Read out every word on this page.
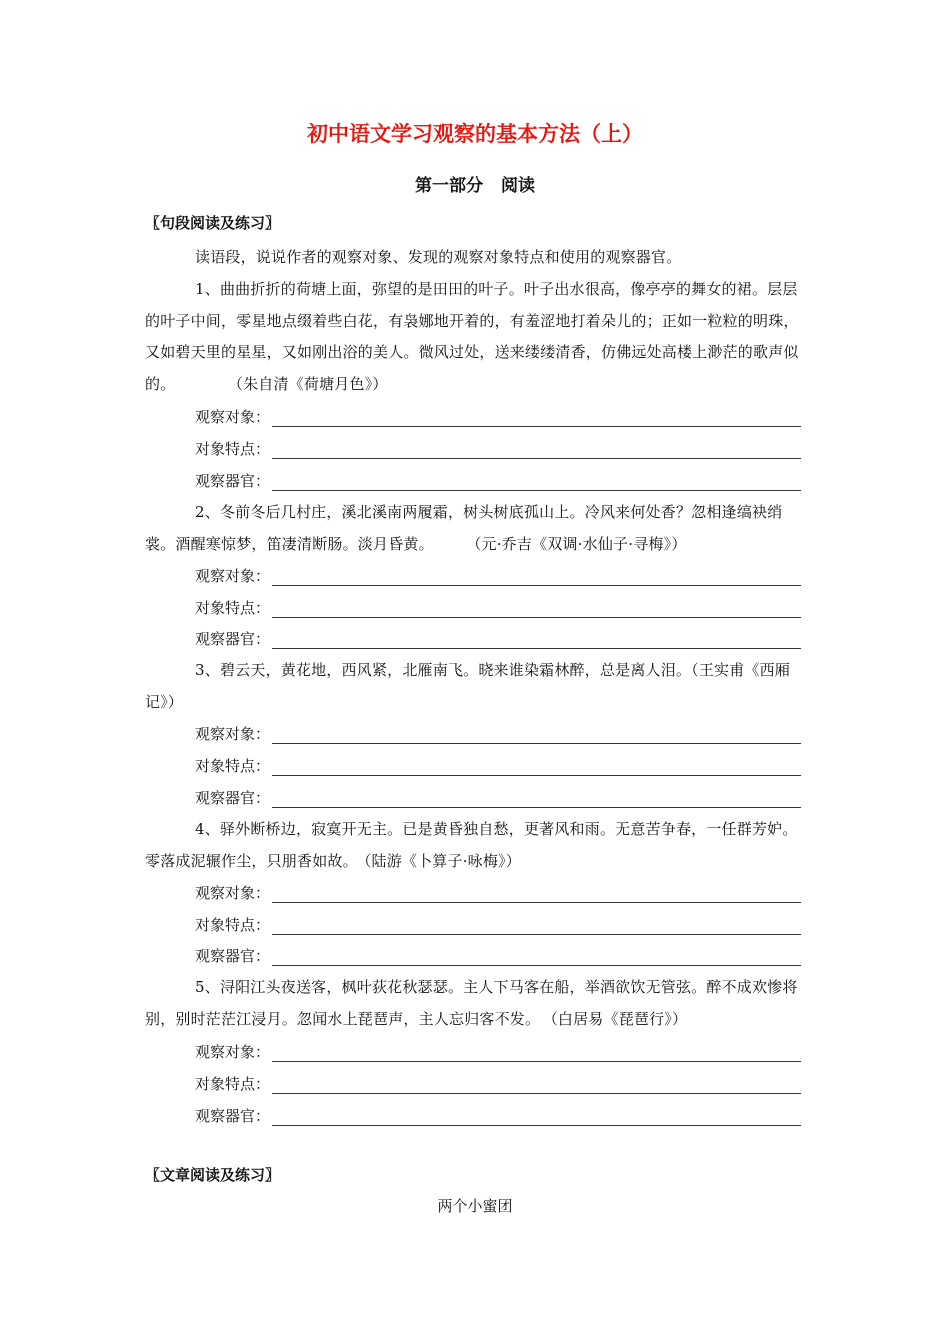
初中语文学习观察的基本方法（上）
第一部分 阅读
〖句段阅读及练习〗
读语段，说说作者的观察对象、发现的观察对象特点和使用的观察器官。
1、曲曲折折的荷塘上面，弥望的是田田的叶子。叶子出水很高，像亭亭的舞女的裙。层层的叶子中间，零星地点缀着些白花，有袅娜地开着的，有羞涩地打着朵儿的；正如一粒粒的明珠，又如碧天里的星星，又如刚出浴的美人。微风过处，送来缕缕清香，仿佛远处高楼上渺茫的歌声似的。	（朱自清《荷塘月色》）
观察对象：
对象特点：
观察器官：
2、冬前冬后几村庄，溪北溪南两履霜，树头树底孤山上。冷风来何处香？忽相逢缟袂绡裳。酒醒寒惊梦，笛凄清断肠。淡月昏黄。	（元·乔吉《双调·水仙子·寻梅》）
观察对象：
对象特点：
观察器官：
3、碧云天，黄花地，西风紧，北雁南飞。晓来谁染霜林醉，总是离人泪。（王实甫《西厢记》）
观察对象：
对象特点：
观察器官：
4、驿外断桥边，寂寞开无主。已是黄昏独自愁，更著风和雨。无意苦争春，一任群芳妒。零落成泥辗作尘，只朋香如故。 （陆游《卜算子·咏梅》）
观察对象：
对象特点：
观察器官：
5、浔阳江头夜送客，枫叶荻花秋瑟瑟。主人下马客在船，举酒欲饮无管弦。醉不成欢惨将别，别时茫茫江浸月。忽闻水上琵琶声，主人忘归客不发。 （白居易《琵琶行》）
观察对象：
对象特点：
观察器官：
〖文章阅读及练习〗
两个小蜜团
